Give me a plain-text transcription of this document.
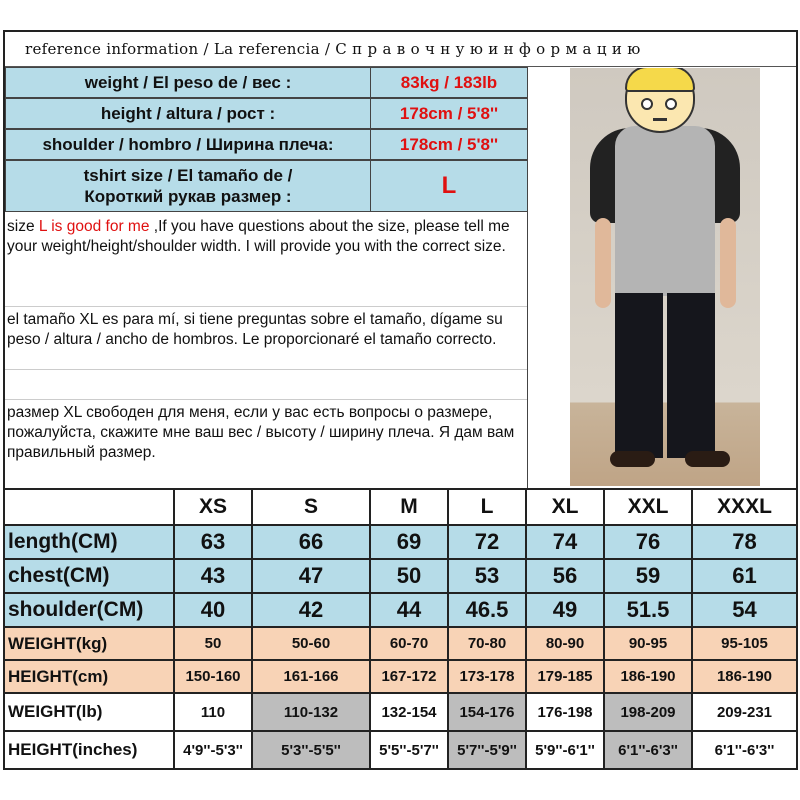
reference information / La referencia / С п р а в о ч н у ю и н ф о р м а ц и ю
weight / El peso de / вес :	83kg / 183lb
height / altura / рост :	178cm / 5'8''
shoulder / hombro / Ширина плеча:	178cm / 5'8''
tshirt size / El tamaño de / Короткий рукав размер :	L
size L is good for me ,If you have questions about the size, please tell me your weight/height/shoulder width. I will provide you with the correct size.
el tamaño XL es para mí, si tiene preguntas sobre el tamaño, dígame su peso / altura / ancho de hombros. Le proporcionaré el tamaño correcto.
размер XL свободен для меня, если у вас есть вопросы о размере, пожалуйста, скажите мне ваш вес / высоту / ширину плеча. Я дам вам правильный размер.
	XS	S	M	L	XL	XXL	XXXL
length(CM)	63	66	69	72	74	76	78
chest(CM)	43	47	50	53	56	59	61
shoulder(CM)	40	42	44	46.5	49	51.5	54
WEIGHT(kg)	50	50-60	60-70	70-80	80-90	90-95	95-105
HEIGHT(cm)	150-160	161-166	167-172	173-178	179-185	186-190	186-190
WEIGHT(lb)	110	110-132	132-154	154-176	176-198	198-209	209-231
HEIGHT(inches)	4'9''-5'3''	5'3''-5'5''	5'5''-5'7''	5'7''-5'9''	5'9''-6'1''	6'1''-6'3''	6'1''-6'3''
